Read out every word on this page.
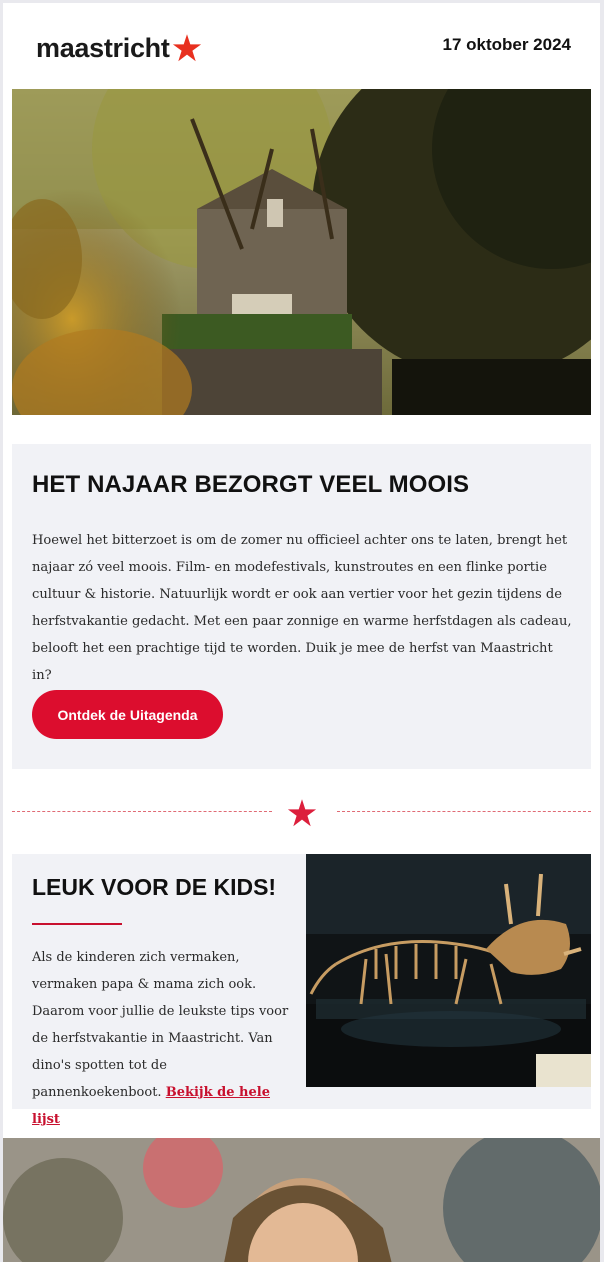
maastricht	17 oktober 2024
HET NAJAAR BEZORGT VEEL MOOIS

Hoewel het bitterzoet is om de zomer nu officieel achter ons te laten, brengt het najaar zó veel moois. Film- en modefestivals, kunstroutes en een flinke portie cultuur & historie. Natuurlijk wordt er ook aan vertier voor het gezin tijdens de herfstvakantie gedacht. Met een paar zonnige en warme herfstdagen als cadeau, belooft het een prachtige tijd te worden. Duik je mee de herfst van Maastricht in?

Ontdek de Uitagenda
LEUK VOOR DE KIDS!

Als de kinderen zich vermaken, vermaken papa & mama zich ook. Daarom voor jullie de leukste tips voor de herfstvakantie in Maastricht. Van dino's spotten tot de pannenkoekenboot. Bekijk de hele lijst
